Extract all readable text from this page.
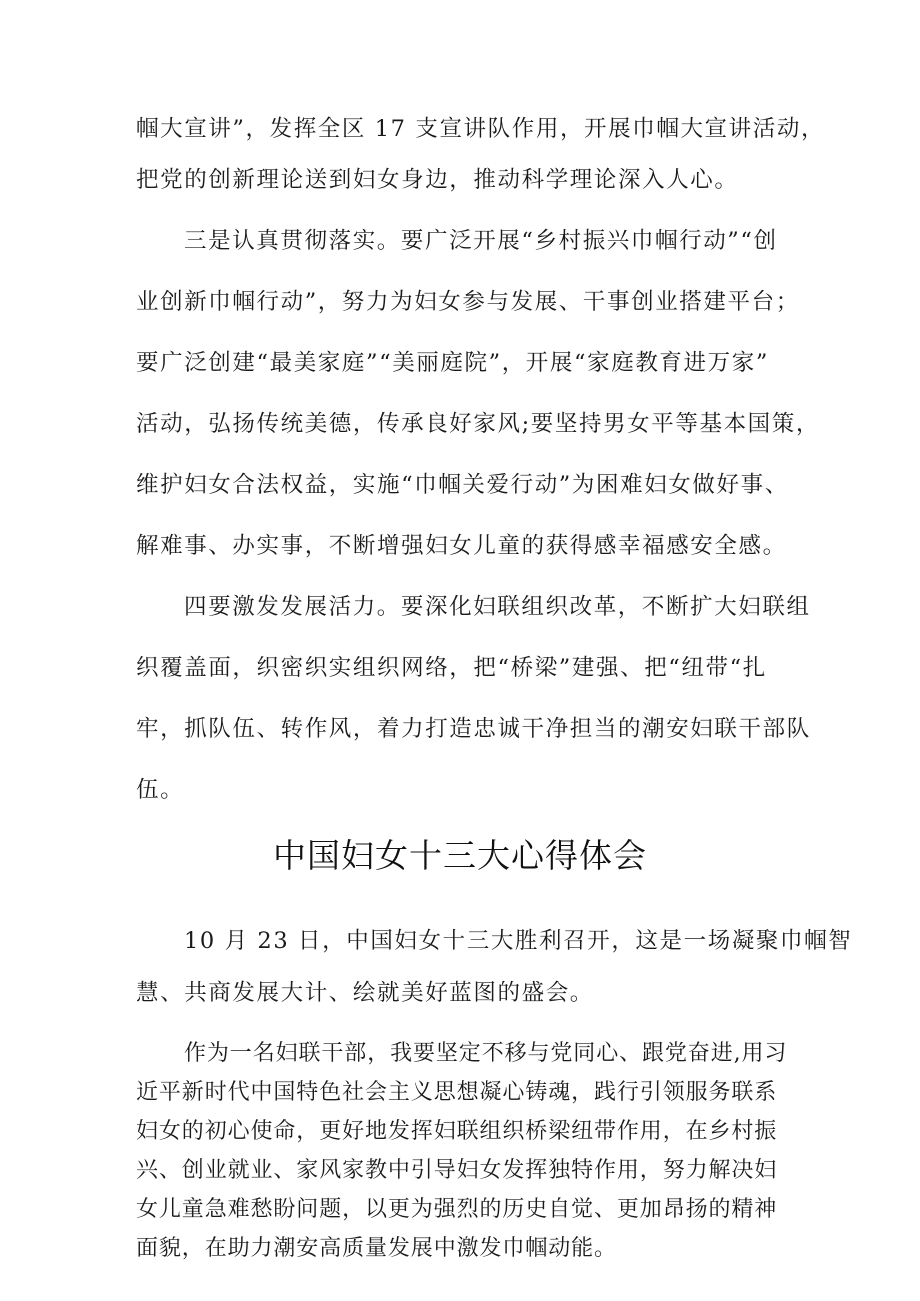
帼大宣讲”，发挥全区 17 支宣讲队作用，开展巾帼大宣讲活动，
把党的创新理论送到妇女身边，推动科学理论深入人心。
三是认真贯彻落实。要广泛开展“乡村振兴巾帼行动”“创
业创新巾帼行动”，努力为妇女参与发展、干事创业搭建平台；
要广泛创建“最美家庭”“美丽庭院”，开展“家庭教育进万家”
活动，弘扬传统美德，传承良好家风;要坚持男女平等基本国策，
维护妇女合法权益，实施“巾帼关爱行动”为困难妇女做好事、
解难事、办实事，不断增强妇女儿童的获得感幸福感安全感。
四要激发发展活力。要深化妇联组织改革，不断扩大妇联组
织覆盖面，织密织实组织网络，把“桥梁”建强、把“纽带“扎
牢，抓队伍、转作风，着力打造忠诚干净担当的潮安妇联干部队
伍。
中国妇女十三大心得体会
10 月 23 日，中国妇女十三大胜利召开，这是一场凝聚巾帼智
慧、共商发展大计、绘就美好蓝图的盛会。
作为一名妇联干部，我要坚定不移与党同心、跟党奋进,用习
近平新时代中国特色社会主义思想凝心铸魂，践行引领服务联系
妇女的初心使命，更好地发挥妇联组织桥梁纽带作用，在乡村振
兴、创业就业、家风家教中引导妇女发挥独特作用，努力解决妇
女儿童急难愁盼问题，以更为强烈的历史自觉、更加昂扬的精神
面貌，在助力潮安高质量发展中激发巾帼动能。
